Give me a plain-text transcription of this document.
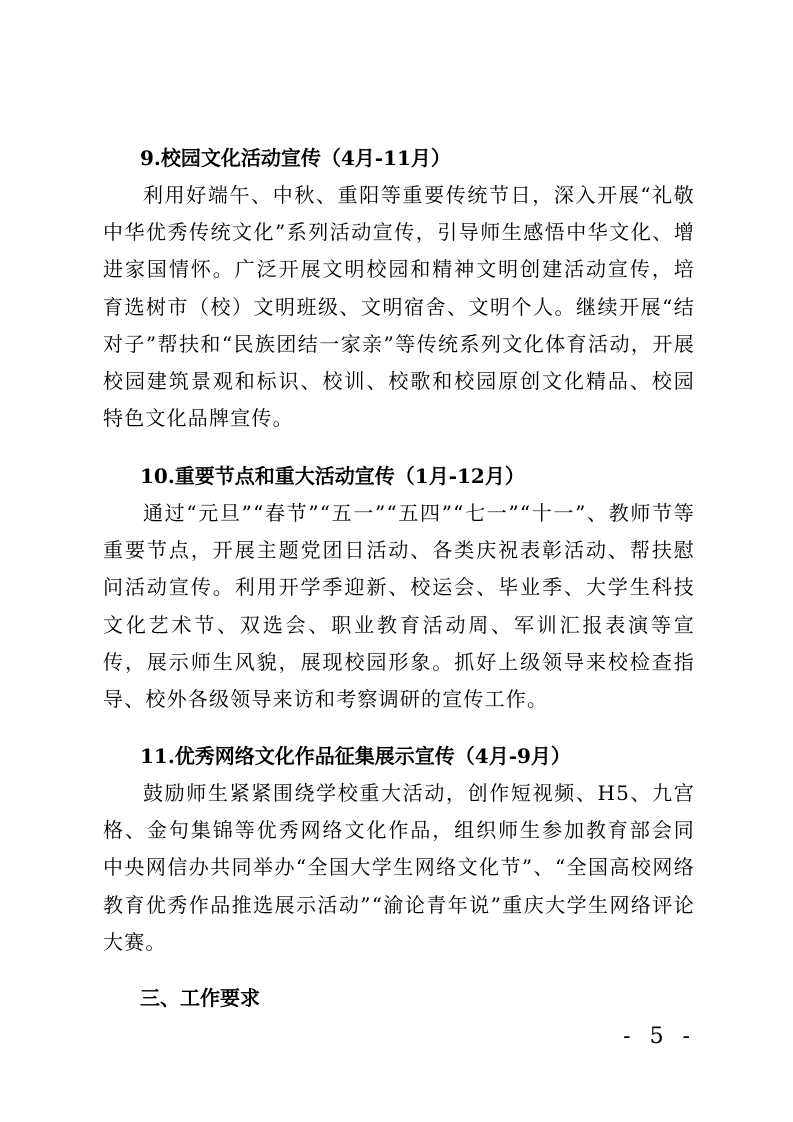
9.校园文化活动宣传（4月-11月）

利用好端午、中秋、重阳等重要传统节日，深入开展“礼敬中华优秀传统文化”系列活动宣传，引导师生感悟中华文化、增进家国情怀。广泛开展文明校园和精神文明创建活动宣传，培育选树市（校）文明班级、文明宿舍、文明个人。继续开展“结对子”帮扶和“民族团结一家亲”等传统系列文化体育活动，开展校园建筑景观和标识、校训、校歌和校园原创文化精品、校园特色文化品牌宣传。

10.重要节点和重大活动宣传（1月-12月）

通过“元旦”“春节”“五一”“五四”“七一”“十一”、教师节等重要节点，开展主题党团日活动、各类庆祝表彰活动、帮扶慰问活动宣传。利用开学季迎新、校运会、毕业季、大学生科技文化艺术节、双选会、职业教育活动周、军训汇报表演等宣传，展示师生风貌，展现校园形象。抓好上级领导来校检查指导、校外各级领导来访和考察调研的宣传工作。

11.优秀网络文化作品征集展示宣传（4月-9月）

鼓励师生紧紧围绕学校重大活动，创作短视频、H5、九宫格、金句集锦等优秀网络文化作品，组织师生参加教育部会同中央网信办共同举办“全国大学生网络文化节”、“全国高校网络教育优秀作品推选展示活动”“渝论青年说”重庆大学生网络评论大赛。

三、工作要求
- 5 -
